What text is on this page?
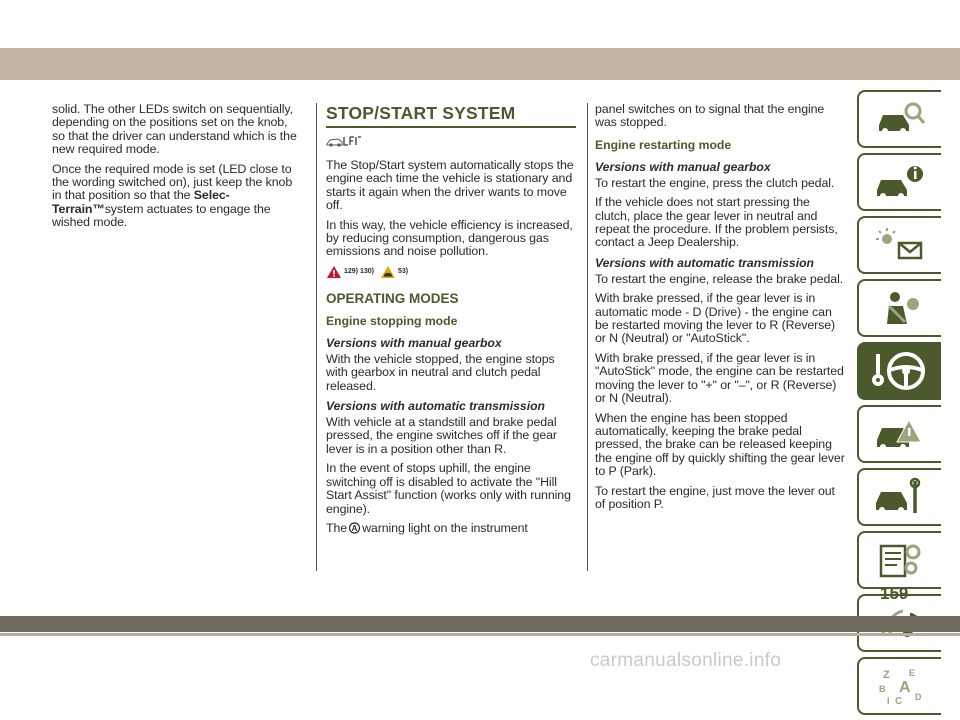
solid. The other LEDs switch on sequentially, depending on the positions set on the knob, so that the driver can understand which is the new required mode.

Once the required mode is set (LED close to the wording switched on), just keep the knob in that position so that the Selec-Terrain™system actuates to engage the wished mode.

STOP/START SYSTEM

The Stop/Start system automatically stops the engine each time the vehicle is stationary and starts it again when the driver wants to move off.

In this way, the vehicle efficiency is increased, by reducing consumption, dangerous gas emissions and noise pollution.

129) 130)	53)
OPERATING MODES
Engine stopping mode
Versions with manual gearbox

With the vehicle stopped, the engine stops with gearbox in neutral and clutch pedal released.

Versions with automatic transmission

With vehicle at a standstill and brake pedal pressed, the engine switches off if the gear lever is in a position other than R.

In the event of stops uphill, the engine switching off is disabled to activate the "Hill Start Assist" function (works only with running engine).

The A warning light on the instrument

panel switches on to signal that the engine was stopped.

Engine restarting mode
Versions with manual gearbox

To restart the engine, press the clutch pedal.

If the vehicle does not start pressing the clutch, place the gear lever in neutral and repeat the procedure. If the problem persists, contact a Jeep Dealership.

Versions with automatic transmission

To restart the engine, release the brake pedal.

With brake pressed, if the gear lever is in automatic mode - D (Drive) - the engine can be restarted moving the lever to R (Reverse) or N (Neutral) or "AutoStick".

With brake pressed, if the gear lever is in "AutoStick" mode, the engine can be restarted moving the lever to "+" or "–", or R (Reverse) or N (Neutral).

When the engine has been stopped automatically, keeping the brake pedal pressed, the brake can be released keeping the engine off by quickly shifting the gear lever to P (Park).

To restart the engine, just move the lever out of position P.

Z E
B A
I C D
159
carmanualsonline.info
